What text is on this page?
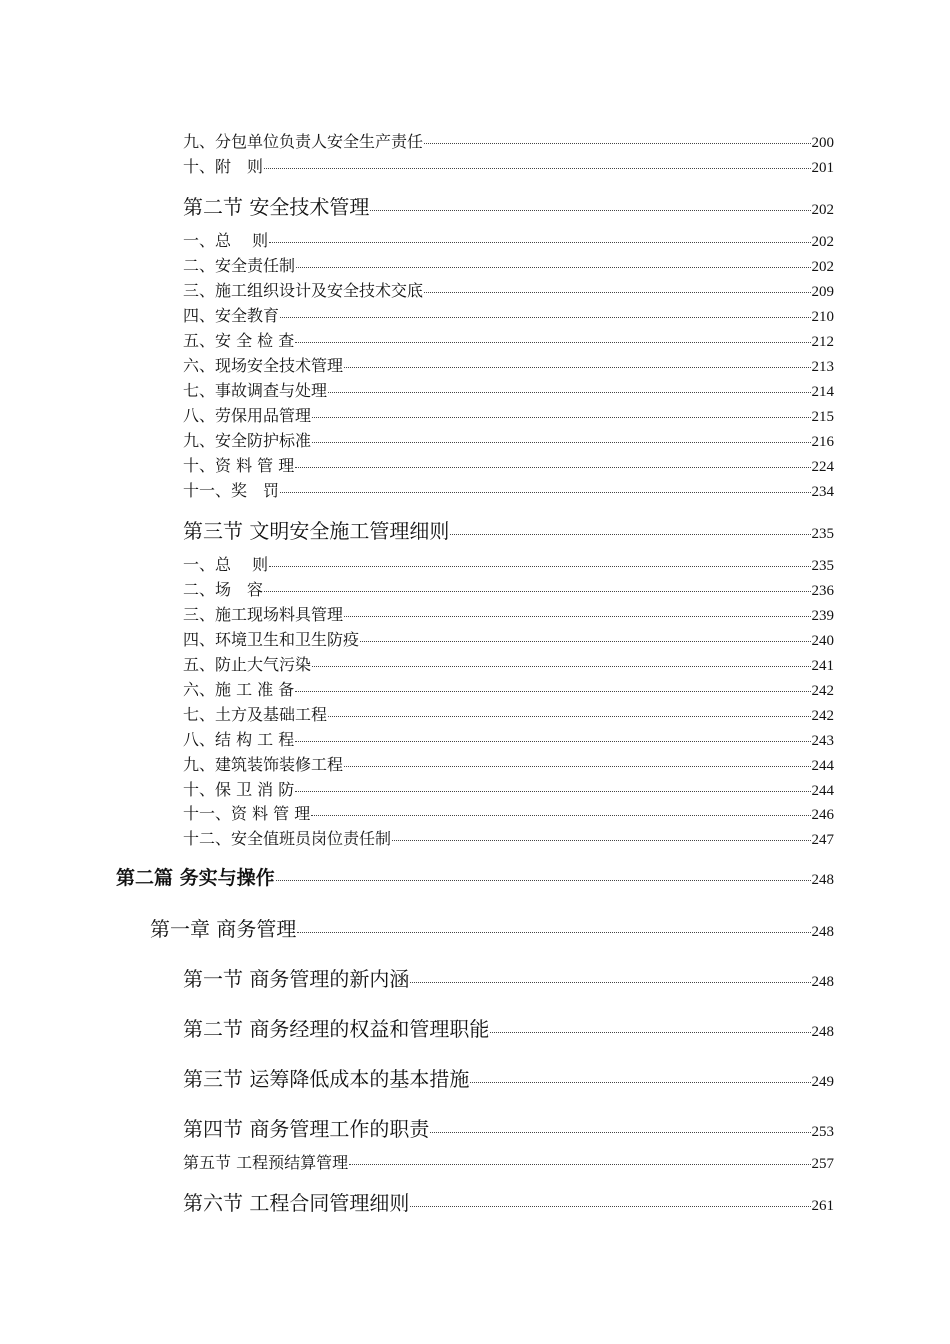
九、分包单位负责人安全生产责任	200
十、附　则	201
第二节 安全技术管理	202
一、总　 则	202
二、安全责任制	202
三、施工组织设计及安全技术交底	209
四、安全教育	210
五、安 全 检 查	212
六、现场安全技术管理	213
七、事故调查与处理	214
八、劳保用品管理	215
九、安全防护标准	216
十、资 料 管 理	224
十一、奖　罚	234
第三节 文明安全施工管理细则	235
一、总　 则	235
二、场　容	236
三、施工现场料具管理	239
四、环境卫生和卫生防疫	240
五、防止大气污染	241
六、施 工 准 备	242
七、土方及基础工程	242
八、结 构 工 程	243
九、建筑装饰装修工程	244
十、保 卫 消 防	244
十一、资 料 管 理	246
十二、安全值班员岗位责任制	247
第二篇 务实与操作	248
第一章 商务管理	248
第一节 商务管理的新内涵	248
第二节 商务经理的权益和管理职能	248
第三节 运筹降低成本的基本措施	249
第四节 商务管理工作的职责	253
第五节 工程预结算管理	257
第六节 工程合同管理细则	261
